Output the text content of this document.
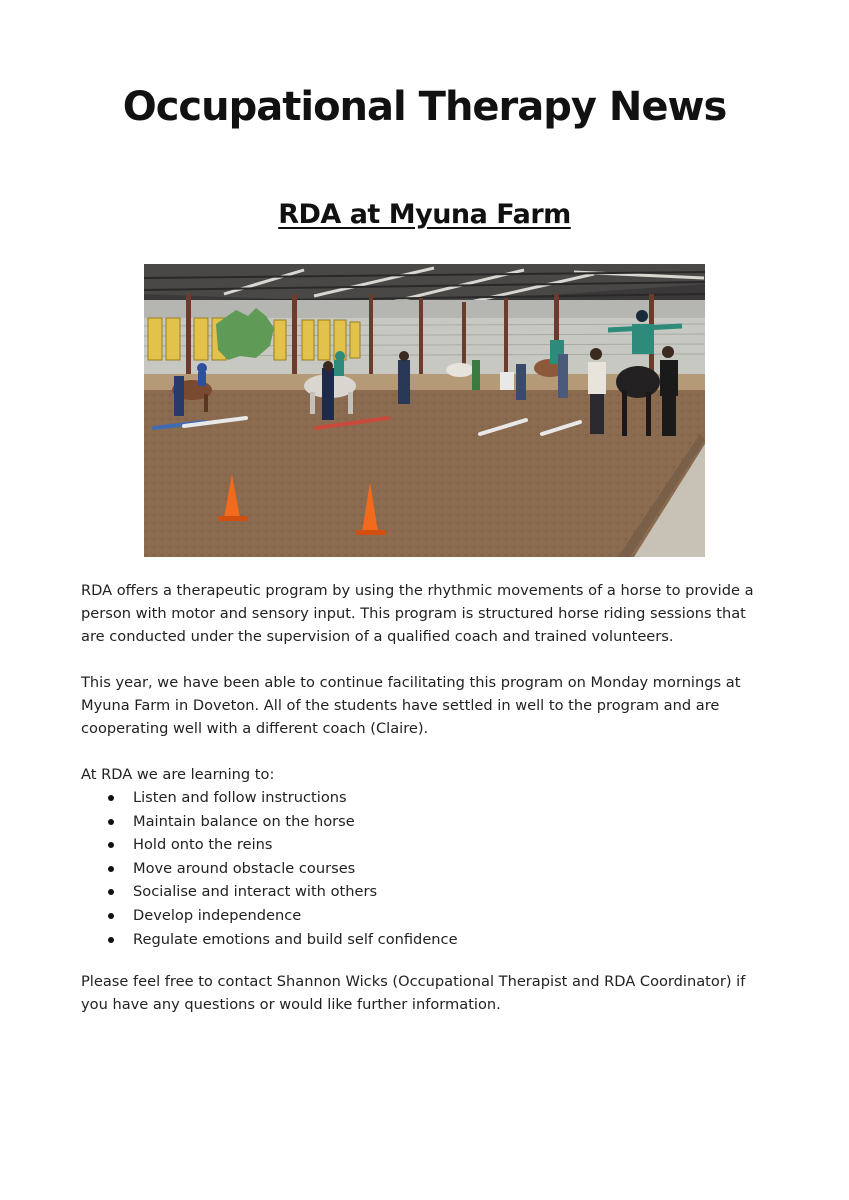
Occupational Therapy News
RDA at Myuna Farm
RDA offers a therapeutic program by using the rhythmic movements of a horse to provide a
person with motor and sensory input. This program is structured horse riding sessions that
are conducted under the supervision of a qualified coach and trained volunteers.
This year, we have been able to continue facilitating this program on Monday mornings at
Myuna Farm in Doveton. All of the students have settled in well to the program and are
cooperating well with a different coach (Claire).
At RDA we are learning to:
Listen and follow instructions
Maintain balance on the horse
Hold onto the reins
Move around obstacle courses
Socialise and interact with others
Develop independence
Regulate emotions and build self confidence
Please feel free to contact Shannon Wicks (Occupational Therapist and RDA Coordinator) if
you have any questions or would like further information.
